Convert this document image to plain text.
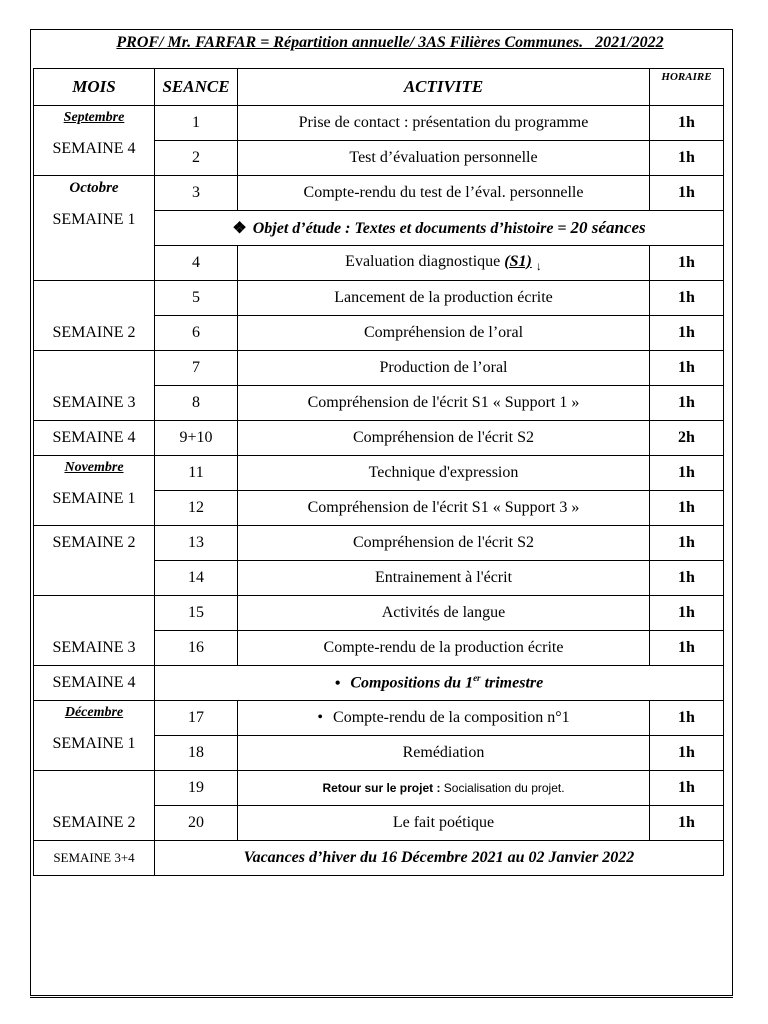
PROF/ Mr. FARFAR = Répartition annuelle/ 3AS Filières Communes.   2021/2022
MOIS	SEANCE	ACTIVITE	HORAIRE

Septembre
SEMAINE 4	1	Prise de contact : présentation du programme	1h
	2	Test d’évaluation personnelle	1h

Octobre
SEMAINE 1	3	Compte-rendu du test de l’éval. personnelle	1h
	❖ Objet d’étude : Textes et documents d’histoire = 20 séances		
	4	Evaluation diagnostique (S1) $_↓$	1h

SEMAINE 2	5	Lancement de la production écrite	1h
	6	Compréhension de l’oral	1h

SEMAINE 3	7	Production de l’oral	1h
	8	Compréhension de l'écrit S1 « Support 1 »	1h
SEMAINE 4	9+10	Compréhension de l'écrit S2	2h

Novembre
SEMAINE 1	11	Technique d'expression	1h
	12	Compréhension de l'écrit S1 « Support 3 »	1h

SEMAINE 2	13	Compréhension de l'écrit S2	1h
	14	Entrainement à l'écrit	1h

SEMAINE 3	15	Activités de langue	1h
	16	Compte-rendu de la production écrite	1h
SEMAINE 4	• Compositions du 1er trimestre		

Décembre
SEMAINE 1	17	• Compte-rendu de la composition n°1	1h
	18	Remédiation	1h

SEMAINE 2	19	Retour sur le projet : Socialisation du projet.	1h
	20	Le fait poétique	1h

SEMAINE 3+4	Vacances d’hiver du 16 Décembre 2021 au 02 Janvier 2022		
